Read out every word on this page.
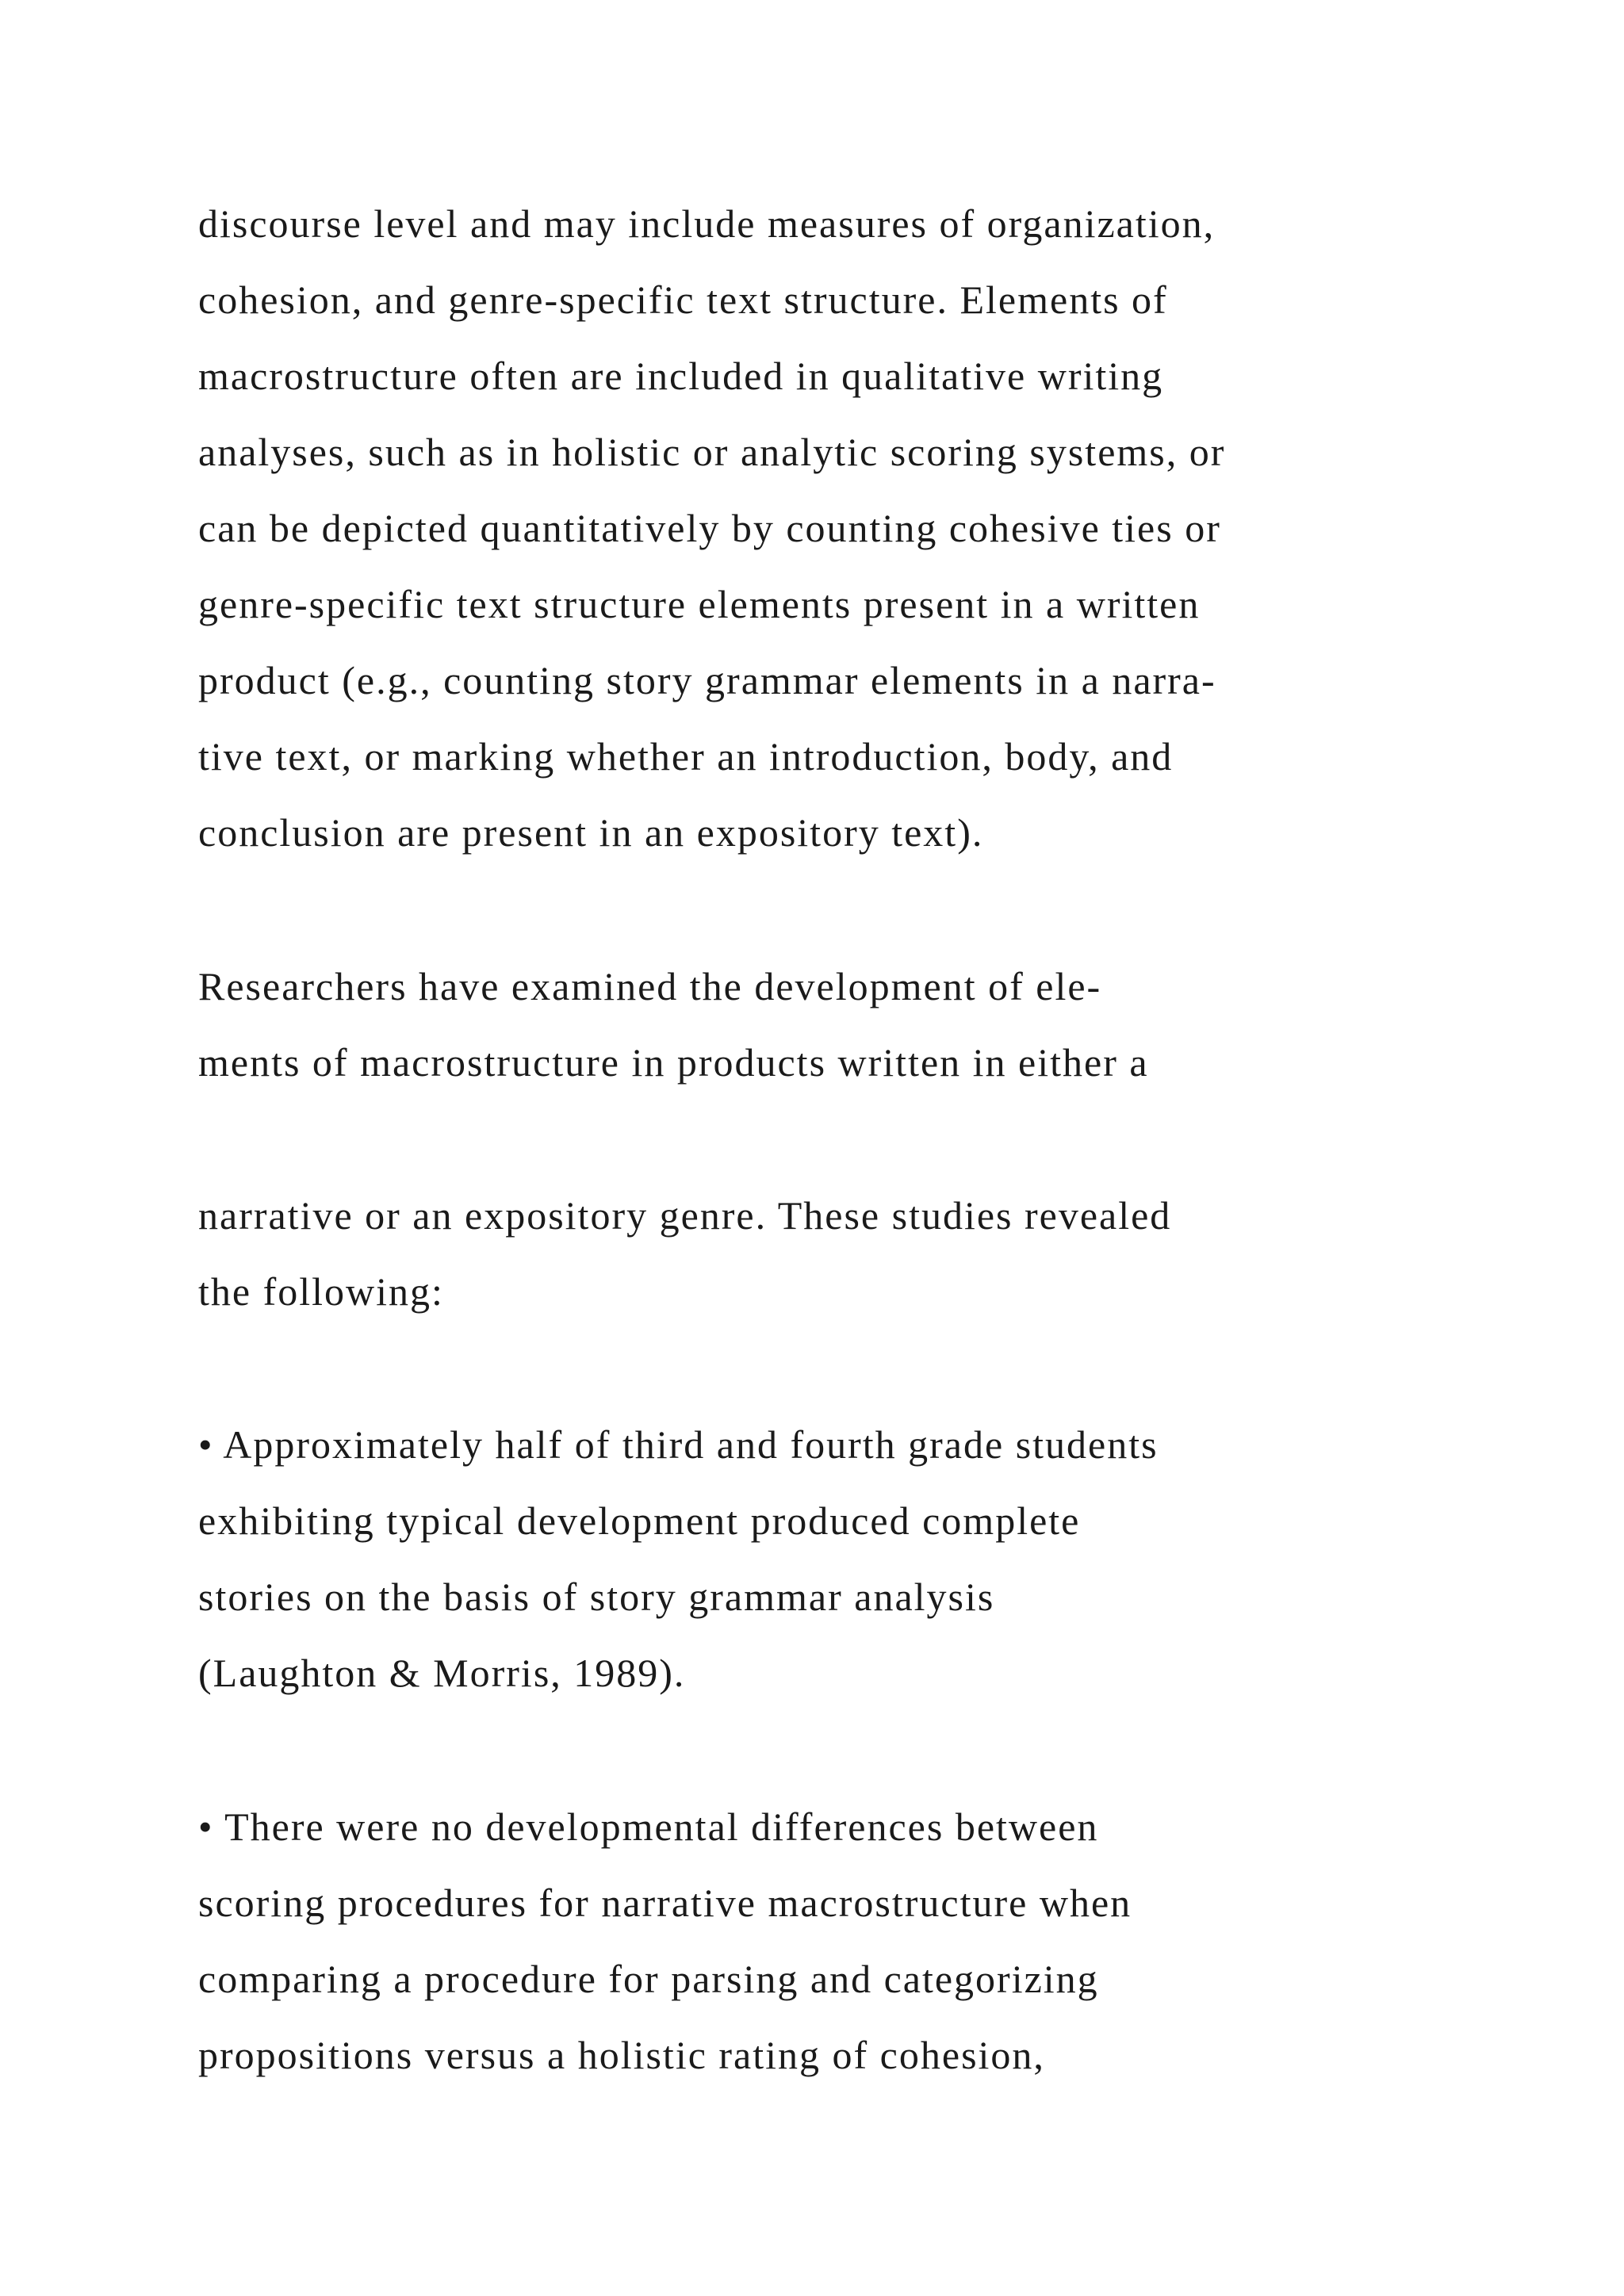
discourse level and may include measures of organization,
cohesion, and genre-specific text structure. Elements of
macrostructure often are included in qualitative writing
analyses, such as in holistic or analytic scoring systems, or
can be depicted quantitatively by counting cohesive ties or
genre-specific text structure elements present in a written
product (e.g., counting story grammar elements in a narra-
tive text, or marking whether an introduction, body, and
conclusion are present in an expository text).

Researchers have examined the development of ele-
ments of macrostructure in products written in either a

narrative or an expository genre. These studies revealed
the following:

• Approximately half of third and fourth grade students
exhibiting typical development produced complete
stories on the basis of story grammar analysis
(Laughton & Morris, 1989).

• There were no developmental differences between
scoring procedures for narrative macrostructure when
comparing a procedure for parsing and categorizing
propositions versus a holistic rating of cohesion,
